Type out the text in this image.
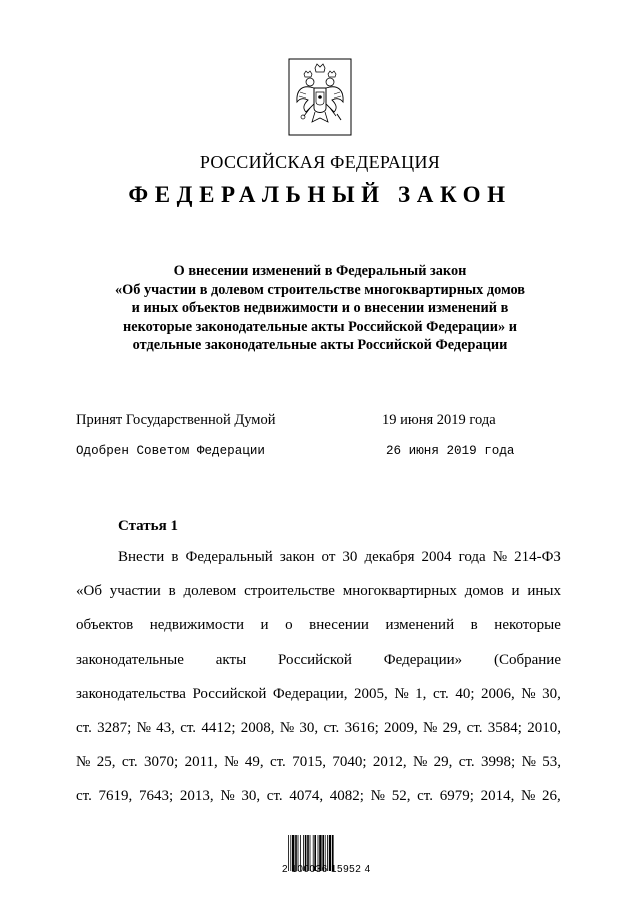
РОССИЙСКАЯ ФЕДЕРАЦИЯ
ФЕДЕРАЛЬНЫЙ ЗАКОН
О внесении изменений в Федеральный закон
«Об участии в долевом строительстве многоквартирных домов
и иных объектов недвижимости и о внесении изменений в
некоторые законодательные акты Российской Федерации» и
отдельные законодательные акты Российской Федерации
Принят Государственной Думой	19 июня 2019 года
Одобрен Советом Федерации	26 июня 2019 года
Статья 1
Внести в Федеральный закон от 30 декабря 2004 года № 214-ФЗ
«Об участии в долевом строительстве многоквартирных домов и иных
объектов недвижимости и о внесении изменений в некоторые
законодательные акты Российской Федерации» (Собрание
законодательства Российской Федерации, 2005, № 1, ст. 40; 2006, № 30,
ст. 3287; № 43, ст. 4412; 2008, № 30, ст. 3616; 2009, № 29, ст. 3584; 2010,
№ 25, ст. 3070; 2011, № 49, ст. 7015, 7040; 2012, № 29, ст. 3998; № 53,
ст. 7619, 7643; 2013, № 30, ст. 4074, 4082; № 52, ст. 6979; 2014, № 26,
2 100036 15952 4
